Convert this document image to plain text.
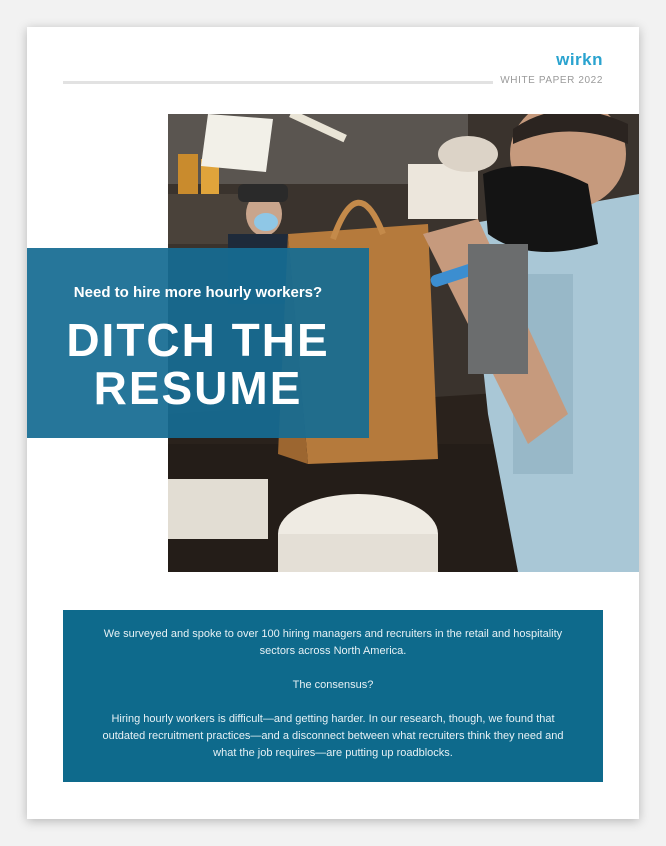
wirkn
WHITE PAPER 2022
Need to hire more hourly workers?
DITCH THE
RESUME

We surveyed and spoke to over 100 hiring managers and recruiters in the retail and hospitality sectors across North America.

The consensus?

Hiring hourly workers is difficult—and getting harder. In our research, though, we found that outdated recruitment practices—and a disconnect between what recruiters think they need and what the job requires—are putting up roadblocks.
